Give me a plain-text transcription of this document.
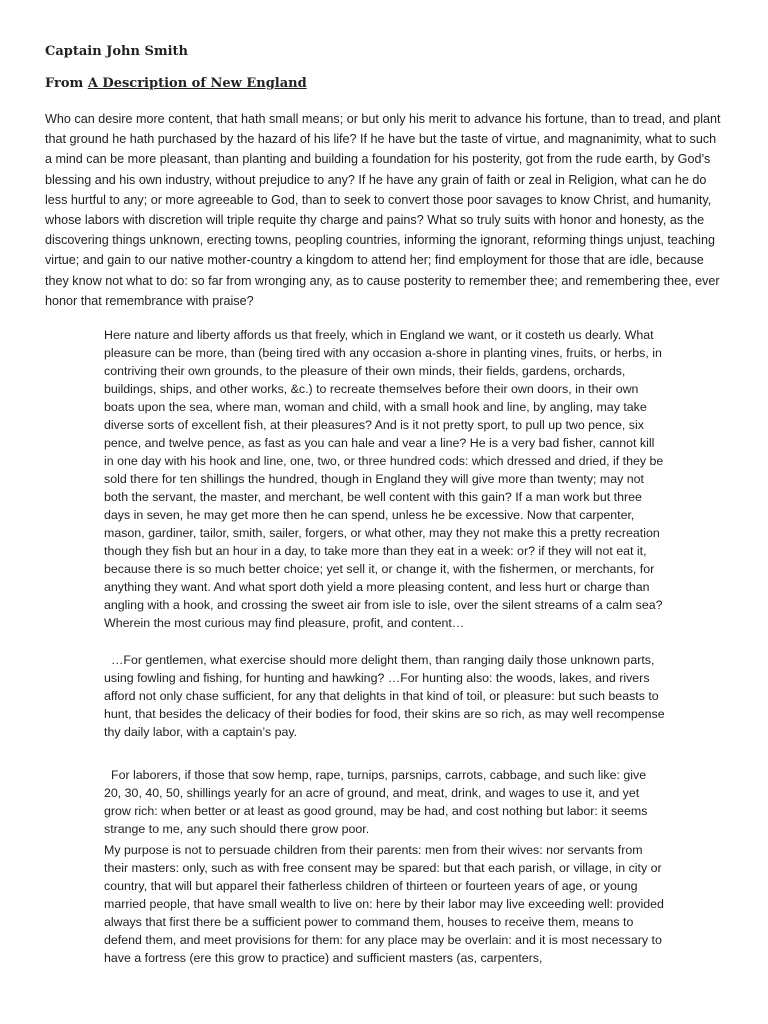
Captain John Smith
From A Description of New England

Who can desire more content, that hath small means; or but only his merit to advance his fortune, than to tread, and plant that ground he hath purchased by the hazard of his life? If he have but the taste of virtue, and magnanimity, what to such a mind can be more pleasant, than planting and building a foundation for his posterity, got from the rude earth, by God’s blessing and his own industry, without prejudice to any? If he have any grain of faith or zeal in Religion, what can he do less hurtful to any; or more agreeable to God, than to seek to convert those poor savages to know Christ, and humanity, whose labors with discretion will triple requite thy charge and pains? What so truly suits with honor and honesty, as the discovering things unknown, erecting towns, peopling countries, informing the ignorant, reforming things unjust, teaching virtue; and gain to our native mother-country a kingdom to attend her; find employment for those that are idle, because they know not what to do: so far from wronging any, as to cause posterity to remember thee; and remembering thee, ever honor that remembrance with praise?

Here nature and liberty affords us that freely, which in England we want, or it costeth us dearly. What pleasure can be more, than (being tired with any occasion a-shore in planting vines, fruits, or herbs, in contriving their own grounds, to the pleasure of their own minds, their fields, gardens, orchards, buildings, ships, and other works, &c.) to recreate themselves before their own doors, in their own boats upon the sea, where man, woman and child, with a small hook and line, by angling, may take diverse sorts of excellent fish, at their pleasures? And is it not pretty sport, to pull up two pence, six pence, and twelve pence, as fast as you can hale and vear a line? He is a very bad fisher, cannot kill in one day with his hook and line, one, two, or three hundred cods: which dressed and dried, if they be sold there for ten shillings the hundred, though in England they will give more than twenty; may not both the servant, the master, and merchant, be well content with this gain? If a man work but three days in seven, he may get more then he can spend, unless he be excessive. Now that carpenter, mason, gardiner, tailor, smith, sailer, forgers, or what other, may they not make this a pretty recreation though they fish but an hour in a day, to take more than they eat in a week: or? if they will not eat it, because there is so much better choice; yet sell it, or change it, with the fishermen, or merchants, for anything they want. And what sport doth yield a more pleasing content, and less hurt or charge than angling with a hook, and crossing the sweet air from isle to isle, over the silent streams of a calm sea? Wherein the most curious may find pleasure, profit, and content…

…For gentlemen, what exercise should more delight them, than ranging daily those unknown parts, using fowling and fishing, for hunting and hawking? …For hunting also: the woods, lakes, and rivers afford not only chase sufficient, for any that delights in that kind of toil, or pleasure: but such beasts to hunt, that besides the delicacy of their bodies for food, their skins are so rich, as may well recompense thy daily labor, with a captain’s pay.

For laborers, if those that sow hemp, rape, turnips, parsnips, carrots, cabbage, and such like: give 20, 30, 40, 50, shillings yearly for an acre of ground, and meat, drink, and wages to use it, and yet grow rich: when better or at least as good ground, may be had, and cost nothing but labor: it seems strange to me, any such should there grow poor.

My purpose is not to persuade children from their parents: men from their wives: nor servants from their masters: only, such as with free consent may be spared: but that each parish, or village, in city or country, that will but apparel their fatherless children of thirteen or fourteen years of age, or young married people, that have small wealth to live on: here by their labor may live exceeding well: provided always that first there be a sufficient power to command them, houses to receive them, means to defend them, and meet provisions for them: for any place may be overlain: and it is most necessary to have a fortress (ere this grow to practice) and sufficient masters (as, carpenters,
